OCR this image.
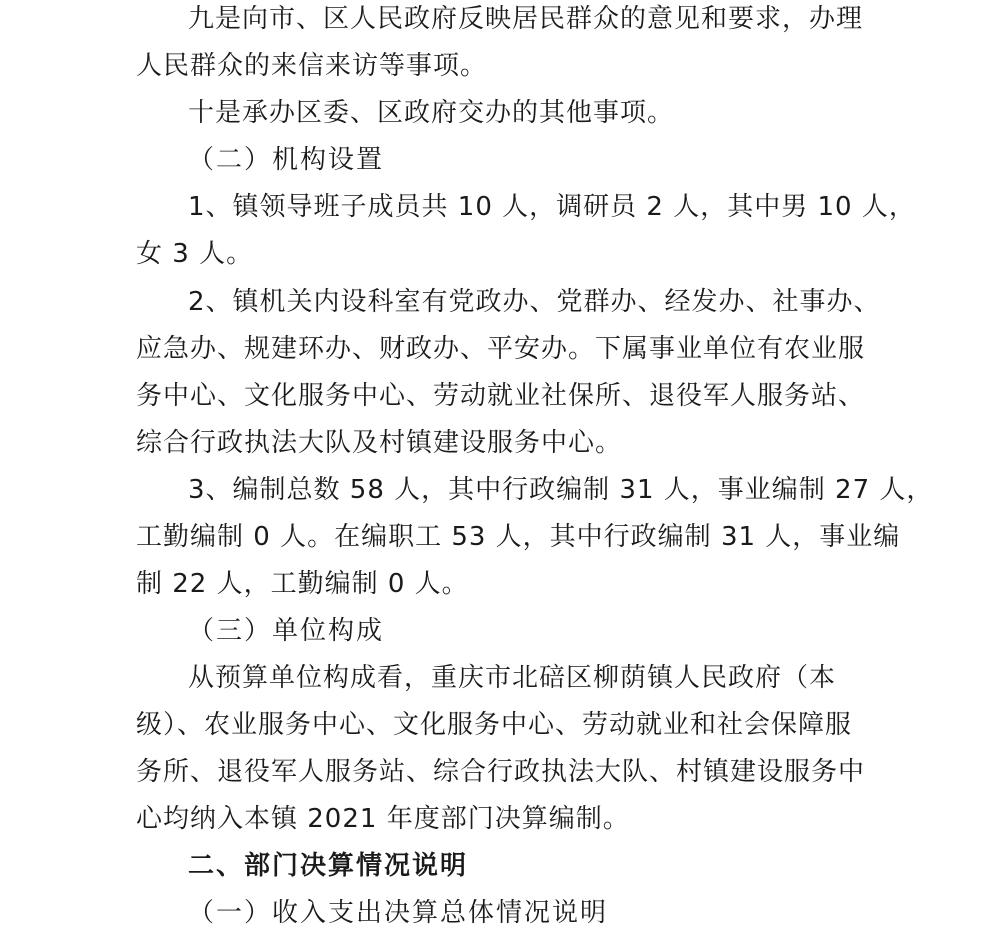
九是向市、区人民政府反映居民群众的意见和要求，办理
人民群众的来信来访等事项。
十是承办区委、区政府交办的其他事项。
（二）机构设置
1、镇领导班子成员共 10 人，调研员 2 人，其中男 10 人，
女 3 人。
2、镇机关内设科室有党政办、党群办、经发办、社事办、
应急办、规建环办、财政办、平安办。下属事业单位有农业服
务中心、文化服务中心、劳动就业社保所、退役军人服务站、
综合行政执法大队及村镇建设服务中心。
3、编制总数 58 人，其中行政编制 31 人，事业编制 27 人，
工勤编制 0 人。在编职工 53 人，其中行政编制 31 人，事业编
制 22 人，工勤编制 0 人。
（三）单位构成
从预算单位构成看，重庆市北碚区柳荫镇人民政府（本
级）、农业服务中心、文化服务中心、劳动就业和社会保障服
务所、退役军人服务站、综合行政执法大队、村镇建设服务中
心均纳入本镇 2021 年度部门决算编制。
二、部门决算情况说明
（一）收入支出决算总体情况说明
